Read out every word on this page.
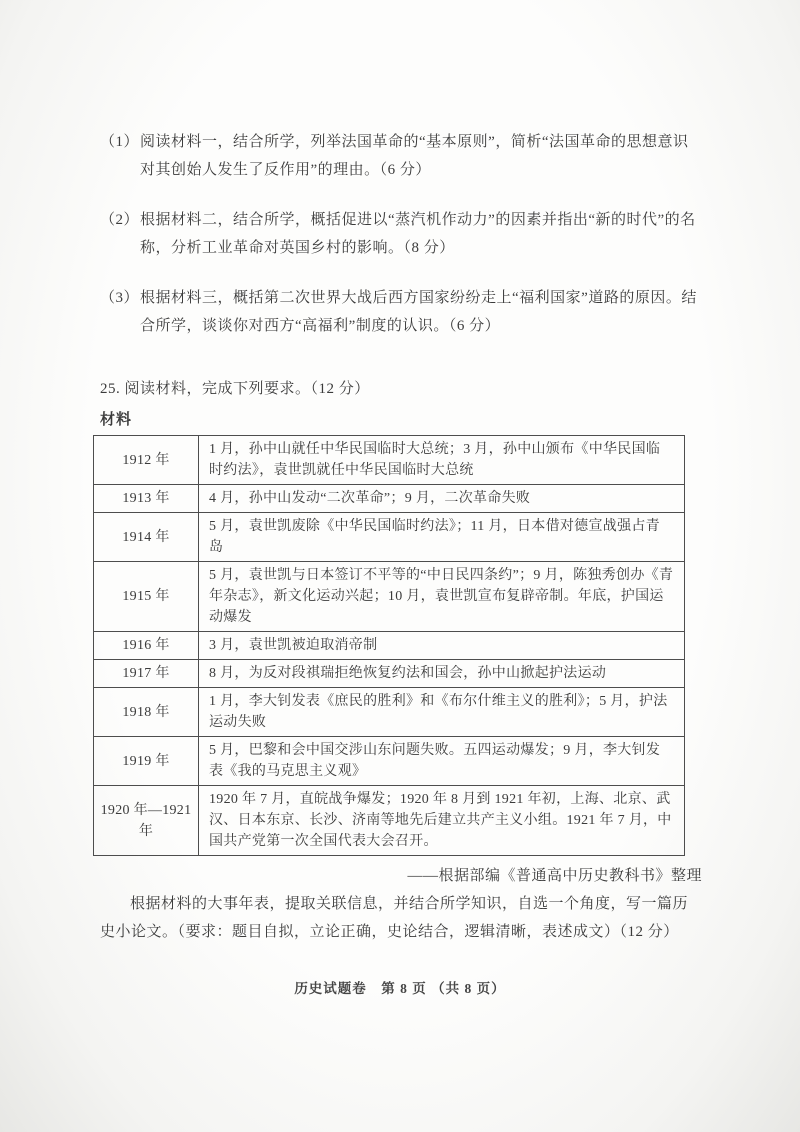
（1） 阅读材料一，结合所学，列举法国革命的“基本原则”，简析“法国革命的思想意识对其创始人发生了反作用”的理由。（6 分）
（2） 根据材料二，结合所学，概括促进以“蒸汽机作动力”的因素并指出“新的时代”的名称，分析工业革命对英国乡村的影响。（8 分）
（3） 根据材料三，概括第二次世界大战后西方国家纷纷走上“福利国家”道路的原因。结合所学，谈谈你对西方“高福利”制度的认识。（6 分）
25. 阅读材料，完成下列要求。（12 分）
材料
1912 年	1 月，孙中山就任中华民国临时大总统；3 月，孙中山颁布《中华民国临时约法》，袁世凯就任中华民国临时大总统
1913 年	4 月，孙中山发动“二次革命”；9 月，二次革命失败
1914 年	5 月，袁世凯废除《中华民国临时约法》；11 月，日本借对德宣战强占青岛
1915 年	5 月，袁世凯与日本签订不平等的“中日民四条约”；9 月，陈独秀创办《青年杂志》，新文化运动兴起；10 月，袁世凯宣布复辟帝制。年底，护国运动爆发
1916 年	3 月，袁世凯被迫取消帝制
1917 年	8 月，为反对段祺瑞拒绝恢复约法和国会，孙中山掀起护法运动
1918 年	1 月，李大钊发表《庶民的胜利》和《布尔什维主义的胜利》；5 月，护法运动失败
1919 年	5 月，巴黎和会中国交涉山东问题失败。五四运动爆发；9 月，李大钊发表《我的马克思主义观》
1920 年—1921 年	1920 年 7 月，直皖战争爆发；1920 年 8 月到 1921 年初，上海、北京、武汉、日本东京、长沙、济南等地先后建立共产主义小组。1921 年 7 月，中国共产党第一次全国代表大会召开。
——根据部编《普通高中历史教科书》整理
根据材料的大事年表，提取关联信息，并结合所学知识，自选一个角度，写一篇历史小论文。（要求：题目自拟，立论正确，史论结合，逻辑清晰，表述成文）（12 分）
历史试题卷　第 8 页 （共 8 页）
